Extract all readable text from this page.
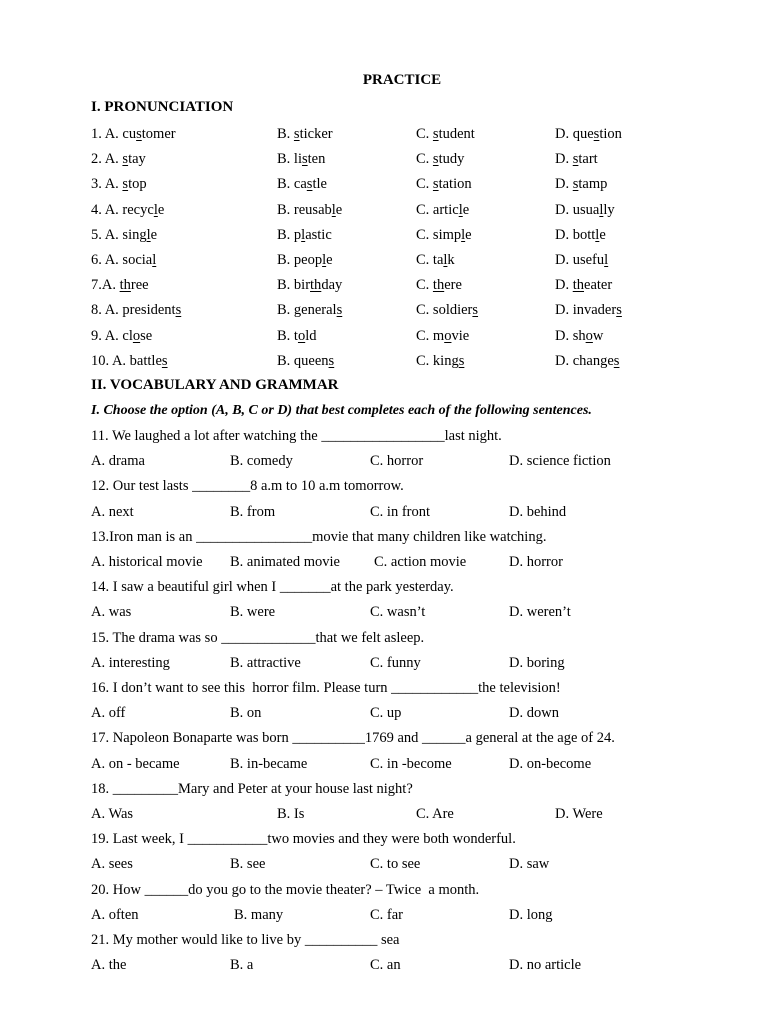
PRACTICE
I. PRONUNCIATION
1. A. customer	B. sticker	C. student	D. question
2. A. stay	B. listen	C. study	D. start
3. A. stop	B. castle	C. station	D. stamp
4. A. recycle	B. reusable	C. article	D. usually
5. A. single	B. plastic	C. simple	D. bottle
6. A. social	B. people	C. talk	D. useful
7.A. three	B. birthday	C. there	D. theater
8. A. presidents	B. generals	C. soldiers	D. invaders
9. A. close	B. told	C. movie	D. show
10. A. battles	B. queens	C. kings	D. changes
II. VOCABULARY AND GRAMMAR
I. Choose the option (A, B, C or D) that best completes each of the following sentences.
11. We laughed a lot after watching the _________________last night.
A. drama	B. comedy	C. horror	D. science fiction
12. Our test lasts ________8 a.m to 10 a.m tomorrow.
A. next	B. from	C. in front	D. behind
13.Iron man is an ________________movie that many children like watching.
A. historical movie B. animated movie C. action movie	D. horror
14. I saw a beautiful girl when I _______at the park yesterday.
A. was	B. were	C. wasn’t	D. weren’t
15. The drama was so _____________that we felt asleep.
A. interesting	B. attractive	C. funny	D. boring
16. I don’t want to see this  horror film. Please turn ____________the television!
A. off	B. on	C. up	D. down
17. Napoleon Bonaparte was born __________1769 and ______a general at the age of 24.
A. on - became	B. in-became	C. in -become	D. on-become
18. _________Mary and Peter at your house last night?
A. Was	B. Is	C. Are	D. Were
19. Last week, I ___________two movies and they were both wonderful.
A. sees	B. see	C. to see	D. saw
20. How ______do you go to the movie theater? – Twice  a month.
A. often	B. many	C. far	D. long
21. My mother would like to live by __________ sea
A. the	B. a	C. an	D. no article
